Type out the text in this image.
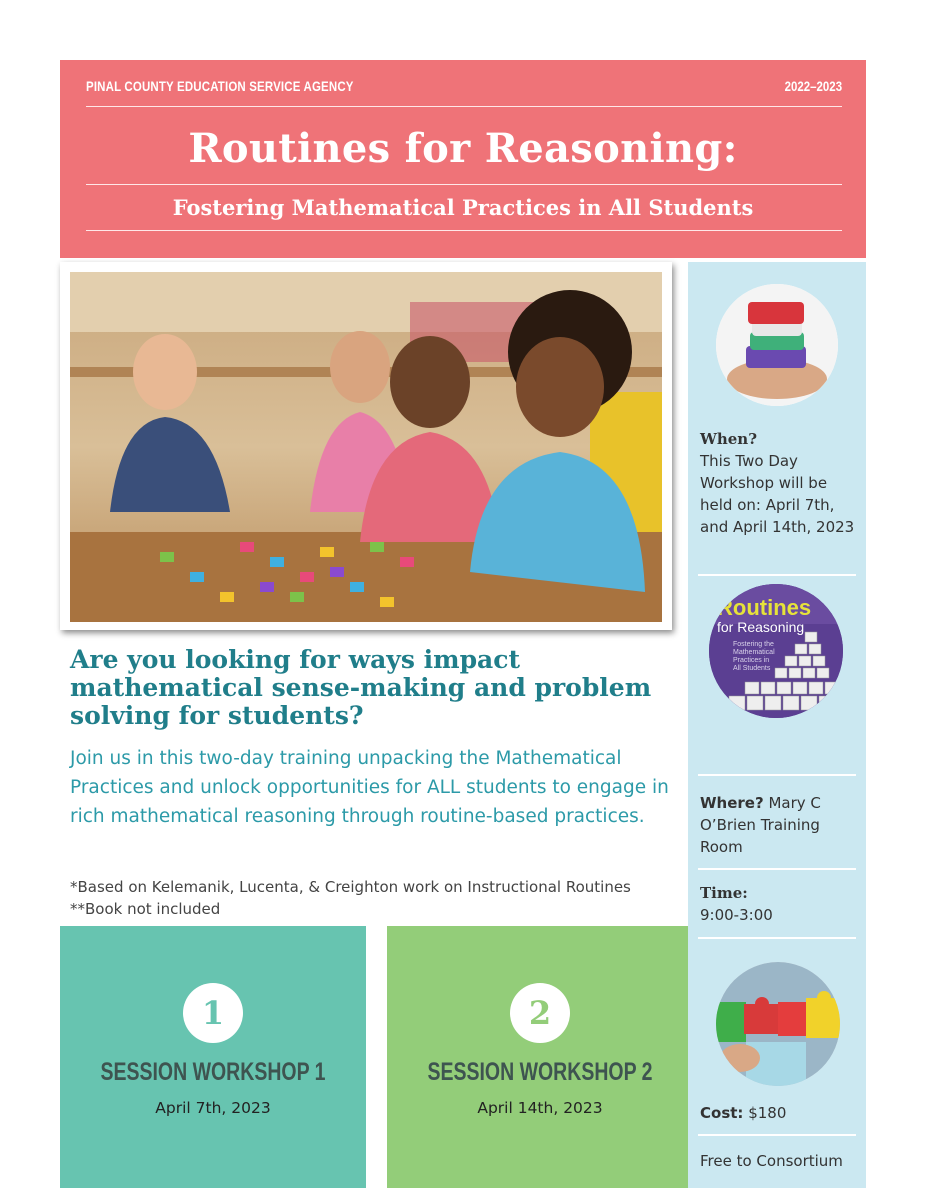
PINAL COUNTY EDUCATION SERVICE AGENCY	2022–2023
Routines for Reasoning:
Fostering Mathematical Practices in All Students
Are you looking for ways impact mathematical sense-making and problem solving for students?
Join us in this two-day training unpacking the Mathematical Practices and unlock opportunities for ALL students to engage in rich mathematical reasoning through routine-based practices.
*Based on Kelemanik, Lucenta, & Creighton work on Instructional Routines **Book not included
1
SESSION WORKSHOP 1
April 7th, 2023
2
SESSION WORKSHOP 2
April 14th, 2023
When?
This Two Day Workshop will be held on: April 7th, and April 14th, 2023
Routines
for Reasoning
Fostering the
Mathematical
Practices in
All Students
Where? Mary C O’Brien Training Room
Time:
9:00-3:00
Cost: $180
Free to Consortium
